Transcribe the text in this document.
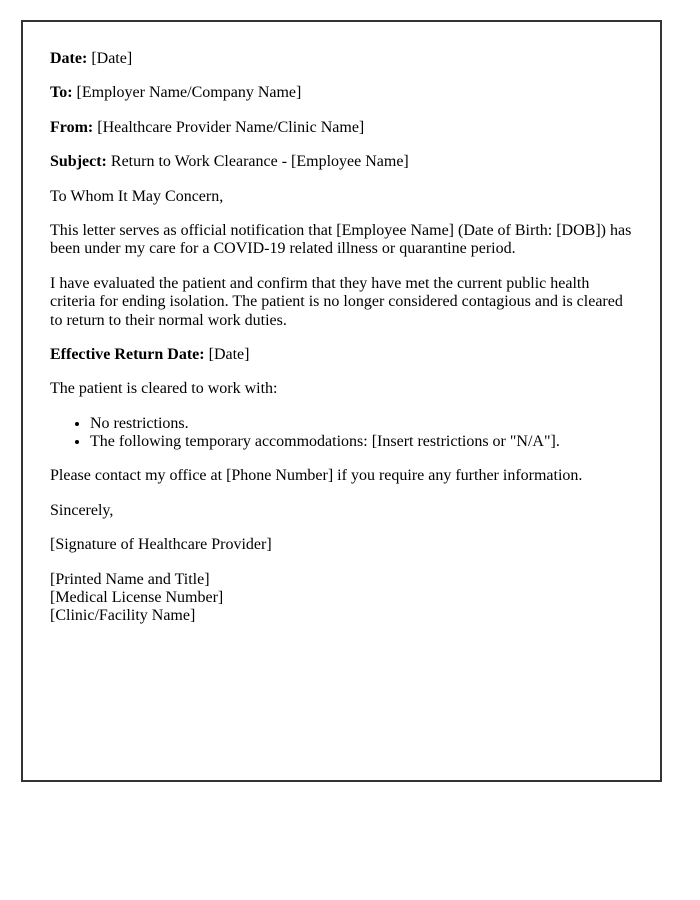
Date: [Date]

To: [Employer Name/Company Name]

From: [Healthcare Provider Name/Clinic Name]

Subject: Return to Work Clearance - [Employee Name]

To Whom It May Concern,

This letter serves as official notification that [Employee Name] (Date of Birth: [DOB]) has been under my care for a COVID-19 related illness or quarantine period.

I have evaluated the patient and confirm that they have met the current public health criteria for ending isolation. The patient is no longer considered contagious and is cleared to return to their normal work duties.

Effective Return Date: [Date]

The patient is cleared to work with:

• No restrictions.
• The following temporary accommodations: [Insert restrictions or "N/A"].

Please contact my office at [Phone Number] if you require any further information.

Sincerely,

[Signature of Healthcare Provider]

[Printed Name and Title]
[Medical License Number]
[Clinic/Facility Name]
